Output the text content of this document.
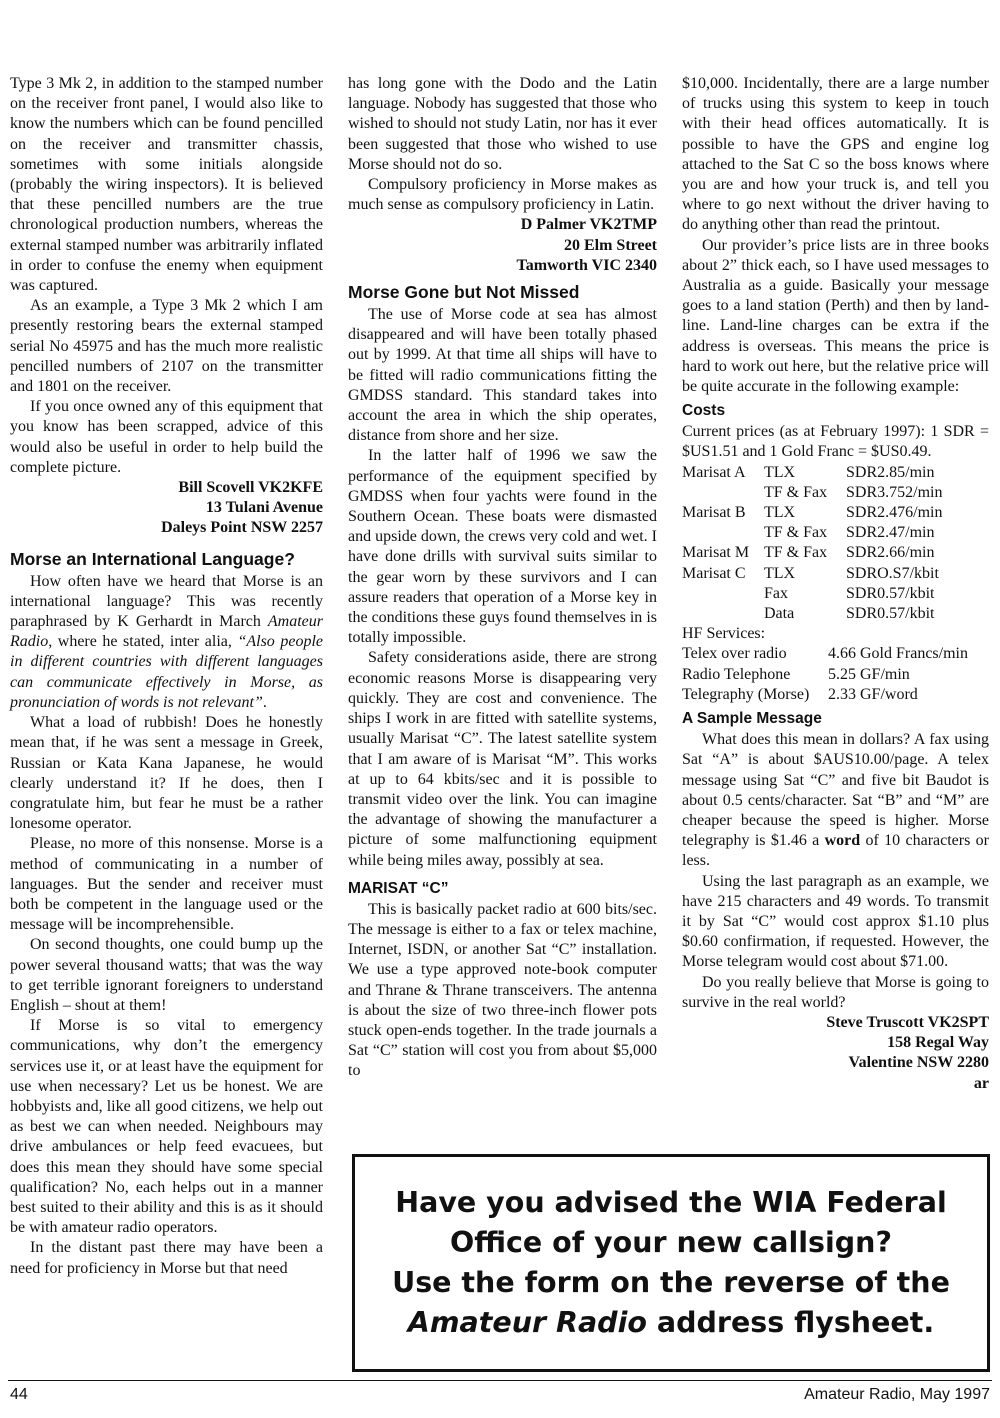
Type 3 Mk 2, in addition to the stamped number on the receiver front panel, I would also like to know the numbers which can be found pencilled on the receiver and transmitter chassis, sometimes with some initials alongside (probably the wiring inspectors). It is believed that these pencilled numbers are the true chronological production numbers, whereas the external stamped number was arbitrarily inflated in order to confuse the enemy when equipment was captured.

As an example, a Type 3 Mk 2 which I am presently restoring bears the external stamped serial No 45975 and has the much more realistic pencilled numbers of 2107 on the transmitter and 1801 on the receiver.

If you once owned any of this equipment that you know has been scrapped, advice of this would also be useful in order to help build the complete picture.

Bill Scovell VK2KFE
13 Tulani Avenue
Daleys Point NSW 2257
Morse an International Language?

How often have we heard that Morse is an international language? This was recently paraphrased by K Gerhardt in March Amateur Radio, where he stated, inter alia, “Also people in different countries with different languages can communicate effectively in Morse, as pronunciation of words is not relevant”.

What a load of rubbish! Does he honestly mean that, if he was sent a message in Greek, Russian or Kata Kana Japanese, he would clearly understand it? If he does, then I congratulate him, but fear he must be a rather lonesome operator.

Please, no more of this nonsense. Morse is a method of communicating in a number of languages. But the sender and receiver must both be competent in the language used or the message will be incomprehensible.

On second thoughts, one could bump up the power several thousand watts; that was the way to get terrible ignorant foreigners to understand English – shout at them!

If Morse is so vital to emergency communications, why don’t the emergency services use it, or at least have the equipment for use when necessary? Let us be honest. We are hobbyists and, like all good citizens, we help out as best we can when needed. Neighbours may drive ambulances or help feed evacuees, but does this mean they should have some special qualification? No, each helps out in a manner best suited to their ability and this is as it should be with amateur radio operators.

In the distant past there may have been a need for proficiency in Morse but that need

has long gone with the Dodo and the Latin language. Nobody has suggested that those who wished to should not study Latin, nor has it ever been suggested that those who wished to use Morse should not do so.

Compulsory proficiency in Morse makes as much sense as compulsory proficiency in Latin.

D Palmer VK2TMP
20 Elm Street
Tamworth VIC 2340
Morse Gone but Not Missed

The use of Morse code at sea has almost disappeared and will have been totally phased out by 1999. At that time all ships will have to be fitted will radio communications fitting the GMDSS standard. This standard takes into account the area in which the ship operates, distance from shore and her size.

In the latter half of 1996 we saw the performance of the equipment specified by GMDSS when four yachts were found in the Southern Ocean. These boats were dismasted and upside down, the crews very cold and wet. I have done drills with survival suits similar to the gear worn by these survivors and I can assure readers that operation of a Morse key in the conditions these guys found themselves in is totally impossible.

Safety considerations aside, there are strong economic reasons Morse is disappearing very quickly. They are cost and convenience. The ships I work in are fitted with satellite systems, usually Marisat “C”. The latest satellite system that I am aware of is Marisat “M”. This works at up to 64 kbits/sec and it is possible to transmit video over the link. You can imagine the advantage of showing the manufacturer a picture of some malfunctioning equipment while being miles away, possibly at sea.

MARISAT “C”

This is basically packet radio at 600 bits/sec. The message is either to a fax or telex machine, Internet, ISDN, or another Sat “C” installation. We use a type approved note-book computer and Thrane & Thrane transceivers. The antenna is about the size of two three-inch flower pots stuck open-ends together. In the trade journals a Sat “C” station will cost you from about $5,000 to

$10,000. Incidentally, there are a large number of trucks using this system to keep in touch with their head offices automatically. It is possible to have the GPS and engine log attached to the Sat C so the boss knows where you are and how your truck is, and tell you where to go next without the driver having to do anything other than read the printout.

Our provider’s price lists are in three books about 2” thick each, so I have used messages to Australia as a guide. Basically your message goes to a land station (Perth) and then by land-line. Land-line charges can be extra if the address is overseas. This means the price is hard to work out here, but the relative price will be quite accurate in the following example:

Costs

Current prices (as at February 1997): 1 SDR = $US1.51 and 1 Gold Franc = $US0.49.

Marisat A	TLX	SDR2.85/min
	TF & Fax	SDR3.752/min
Marisat B	TLX	SDR2.476/min
	TF & Fax	SDR2.47/min
Marisat M	TF & Fax	SDR2.66/min
Marisat C	TLX	SDRO.S7/kbit
	Fax	SDR0.57/kbit
	Data	SDR0.57/kbit
HF Services:
Telex over radio	4.66 Gold Francs/min
Radio Telephone	5.25 GF/min
Telegraphy (Morse)	2.33 GF/word
A Sample Message

What does this mean in dollars? A fax using Sat “A” is about $AUS10.00/page. A telex message using Sat “C” and five bit Baudot is about 0.5 cents/character. Sat “B” and “M” are cheaper because the speed is higher. Morse telegraphy is $1.46 a word of 10 characters or less.

Using the last paragraph as an example, we have 215 characters and 49 words. To transmit it by Sat “C” would cost approx $1.10 plus $0.60 confirmation, if requested. However, the Morse telegram would cost about $71.00.

Do you really believe that Morse is going to survive in the real world?

Steve Truscott VK2SPT
158 Regal Way
Valentine NSW 2280
ar
Have you advised the WIA Federal
Office of your new callsign?
Use the form on the reverse of the
Amateur Radio address flysheet.
44	Amateur Radio, May 1997
